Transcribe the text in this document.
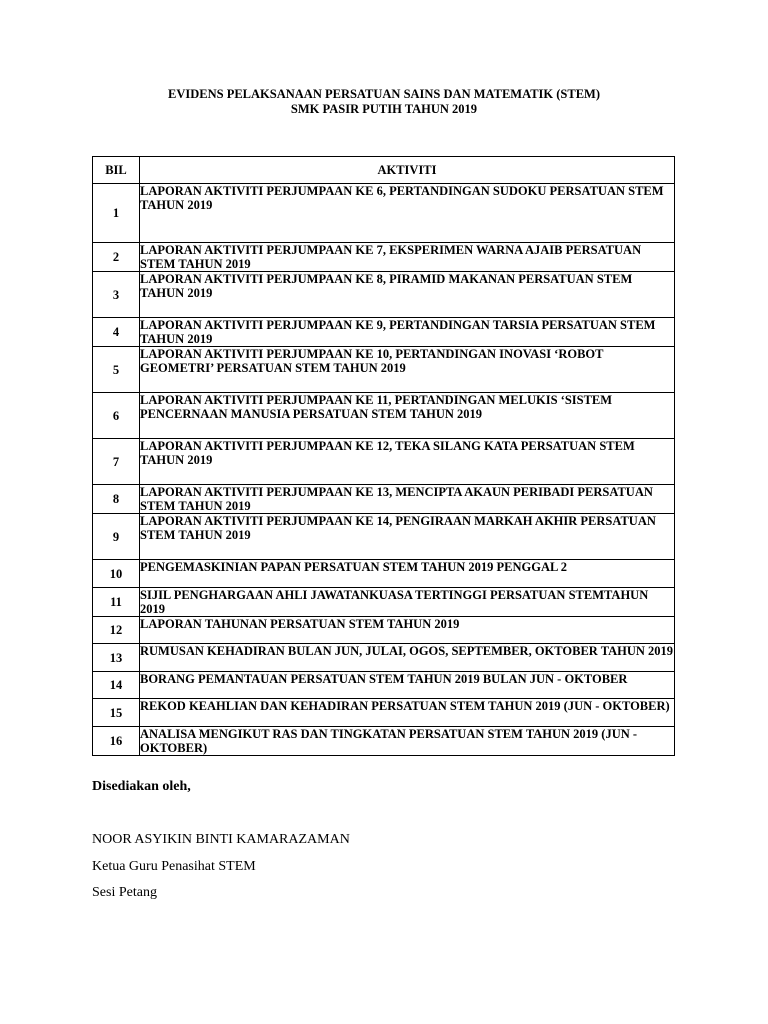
EVIDENS PELAKSANAAN PERSATUAN SAINS DAN MATEMATIK (STEM)
SMK PASIR PUTIH TAHUN 2019
BIL	AKTIVITI
1	LAPORAN AKTIVITI PERJUMPAAN KE 6, PERTANDINGAN SUDOKU PERSATUAN STEM TAHUN 2019
2	LAPORAN AKTIVITI PERJUMPAAN KE 7, EKSPERIMEN WARNA AJAIB PERSATUAN STEM TAHUN 2019
3	LAPORAN AKTIVITI PERJUMPAAN KE 8, PIRAMID MAKANAN PERSATUAN STEM TAHUN 2019
4	LAPORAN AKTIVITI PERJUMPAAN KE 9, PERTANDINGAN TARSIA PERSATUAN STEM TAHUN 2019
5	LAPORAN AKTIVITI PERJUMPAAN KE 10, PERTANDINGAN INOVASI ‘ROBOT GEOMETRI’ PERSATUAN STEM TAHUN 2019
6	LAPORAN AKTIVITI PERJUMPAAN KE 11, PERTANDINGAN MELUKIS ‘SISTEM PENCERNAAN MANUSIA PERSATUAN STEM TAHUN 2019
7	LAPORAN AKTIVITI PERJUMPAAN KE 12, TEKA SILANG KATA PERSATUAN STEM TAHUN 2019
8	LAPORAN AKTIVITI PERJUMPAAN KE 13, MENCIPTA AKAUN PERIBADI PERSATUAN STEM TAHUN 2019
9	LAPORAN AKTIVITI PERJUMPAAN KE 14, PENGIRAAN MARKAH AKHIR PERSATUAN STEM TAHUN 2019
10	PENGEMASKINIAN PAPAN PERSATUAN STEM TAHUN 2019 PENGGAL 2
11	SIJIL PENGHARGAAN AHLI JAWATANKUASA TERTINGGI PERSATUAN STEMTAHUN 2019
12	LAPORAN TAHUNAN PERSATUAN STEM TAHUN 2019
13	RUMUSAN KEHADIRAN BULAN JUN, JULAI, OGOS, SEPTEMBER, OKTOBER TAHUN 2019
14	BORANG PEMANTAUAN PERSATUAN STEM TAHUN 2019 BULAN JUN - OKTOBER
15	REKOD KEAHLIAN DAN KEHADIRAN PERSATUAN STEM TAHUN 2019 (JUN - OKTOBER)
16	ANALISA MENGIKUT RAS DAN TINGKATAN PERSATUAN STEM TAHUN 2019 (JUN - OKTOBER)
Disediakan oleh,
NOOR ASYIKIN BINTI KAMARAZAMAN
Ketua Guru Penasihat STEM
Sesi Petang
